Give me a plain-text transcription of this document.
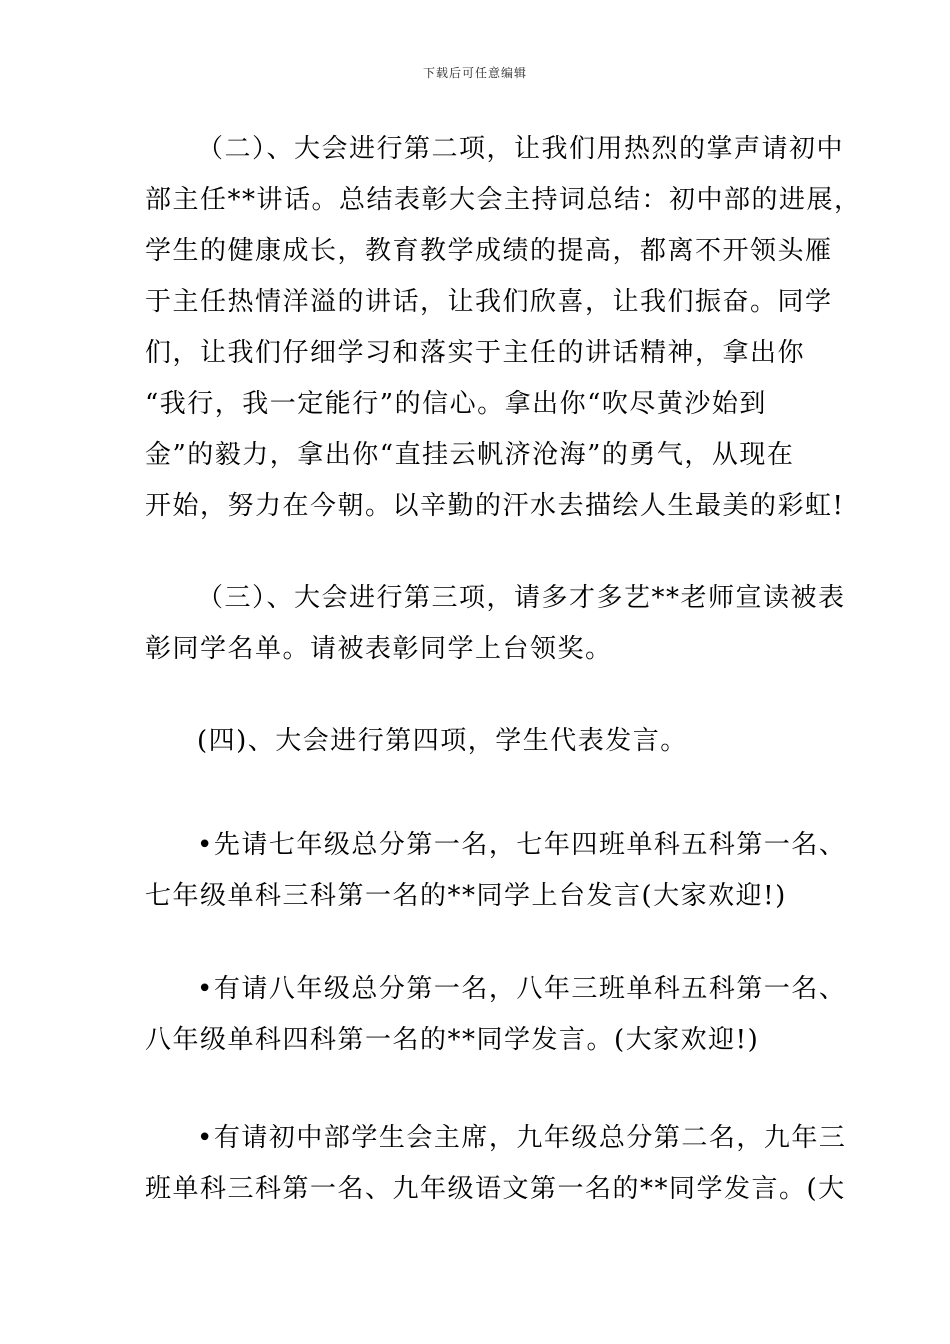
下载后可任意编辑
（二）、大会进行第二项，让我们用热烈的掌声请初中
部主任**讲话。总结表彰大会主持词总结：初中部的进展，
学生的健康成长，教育教学成绩的提高，都离不开领头雁
于主任热情洋溢的讲话，让我们欣喜，让我们振奋。同学
们，让我们仔细学习和落实于主任的讲话精神，拿出你
“我行，我一定能行”的信心。拿出你“吹尽黄沙始到
金”的毅力，拿出你“直挂云帆济沧海”的勇气，从现在
开始，努力在今朝。以辛勤的汗水去描绘人生最美的彩虹!
（三）、大会进行第三项，请多才多艺**老师宣读被表
彰同学名单。请被表彰同学上台领奖。
(四)、大会进行第四项，学生代表发言。
•先请七年级总分第一名，七年四班单科五科第一名、
七年级单科三科第一名的**同学上台发言(大家欢迎!)
•有请八年级总分第一名，八年三班单科五科第一名、
八年级单科四科第一名的**同学发言。(大家欢迎!)
•有请初中部学生会主席，九年级总分第二名，九年三
班单科三科第一名、九年级语文第一名的**同学发言。(大
